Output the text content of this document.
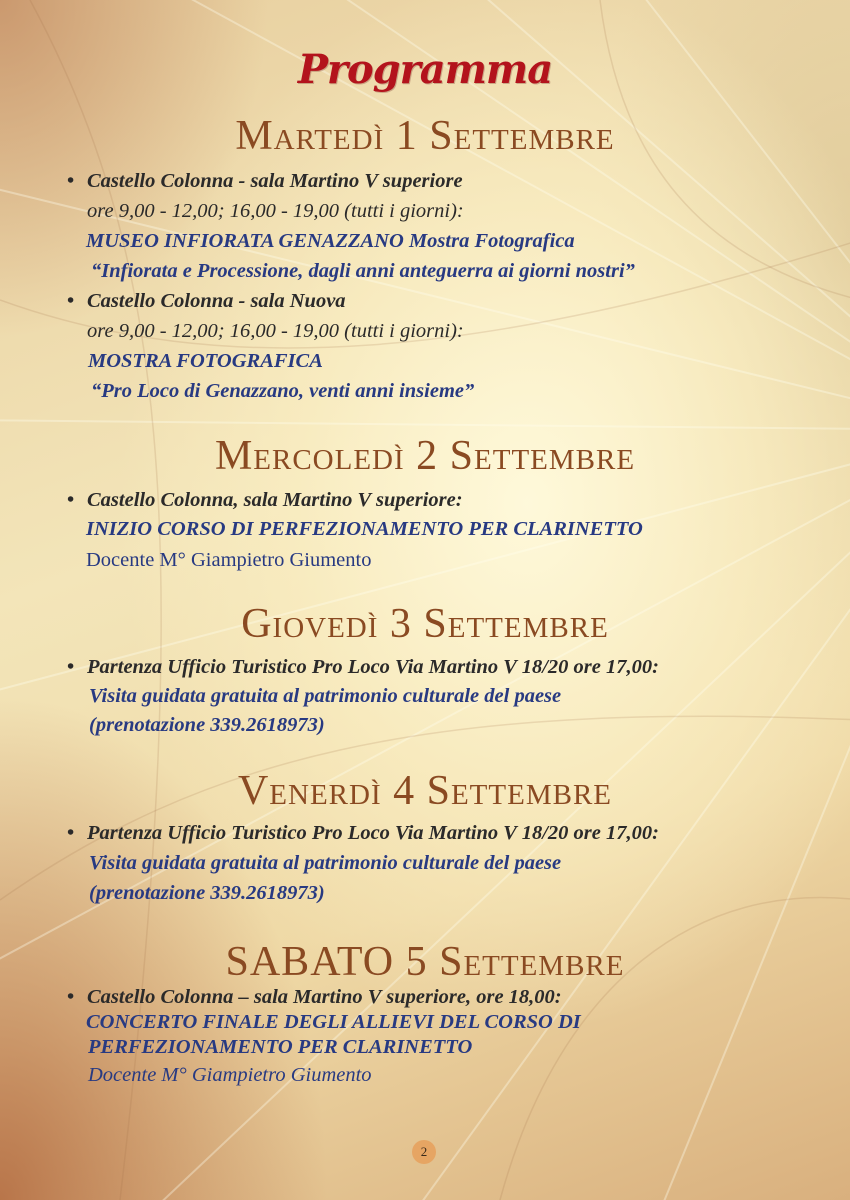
Programma
Martedì 1 Settembre
• Castello Colonna - sala Martino V superiore
ore 9,00 - 12,00; 16,00 - 19,00 (tutti i giorni):
MUSEO INFIORATA GENAZZANO Mostra Fotografica
“Infiorata e Processione, dagli anni anteguerra ai giorni nostri”
• Castello Colonna - sala Nuova
ore 9,00 - 12,00; 16,00 - 19,00 (tutti i giorni):
MOSTRA FOTOGRAFICA
“Pro Loco di Genazzano, venti anni insieme”
Mercoledì 2 Settembre
• Castello Colonna, sala Martino V superiore:
INIZIO CORSO DI PERFEZIONAMENTO PER CLARINETTO
Docente M° Giampietro Giumento
Giovedì 3 Settembre
• Partenza Ufficio Turistico Pro Loco Via Martino V 18/20 ore 17,00:
Visita guidata gratuita al patrimonio culturale del paese
(prenotazione 339.2618973)
Venerdì 4 Settembre
• Partenza Ufficio Turistico Pro Loco Via Martino V 18/20 ore 17,00:
Visita guidata gratuita al patrimonio culturale del paese
(prenotazione 339.2618973)
SABATO 5 Settembre
• Castello Colonna – sala Martino V superiore, ore 18,00:
CONCERTO FINALE DEGLI ALLIEVI DEL CORSO DI
PERFEZIONAMENTO PER CLARINETTO
Docente M° Giampietro Giumento
2
